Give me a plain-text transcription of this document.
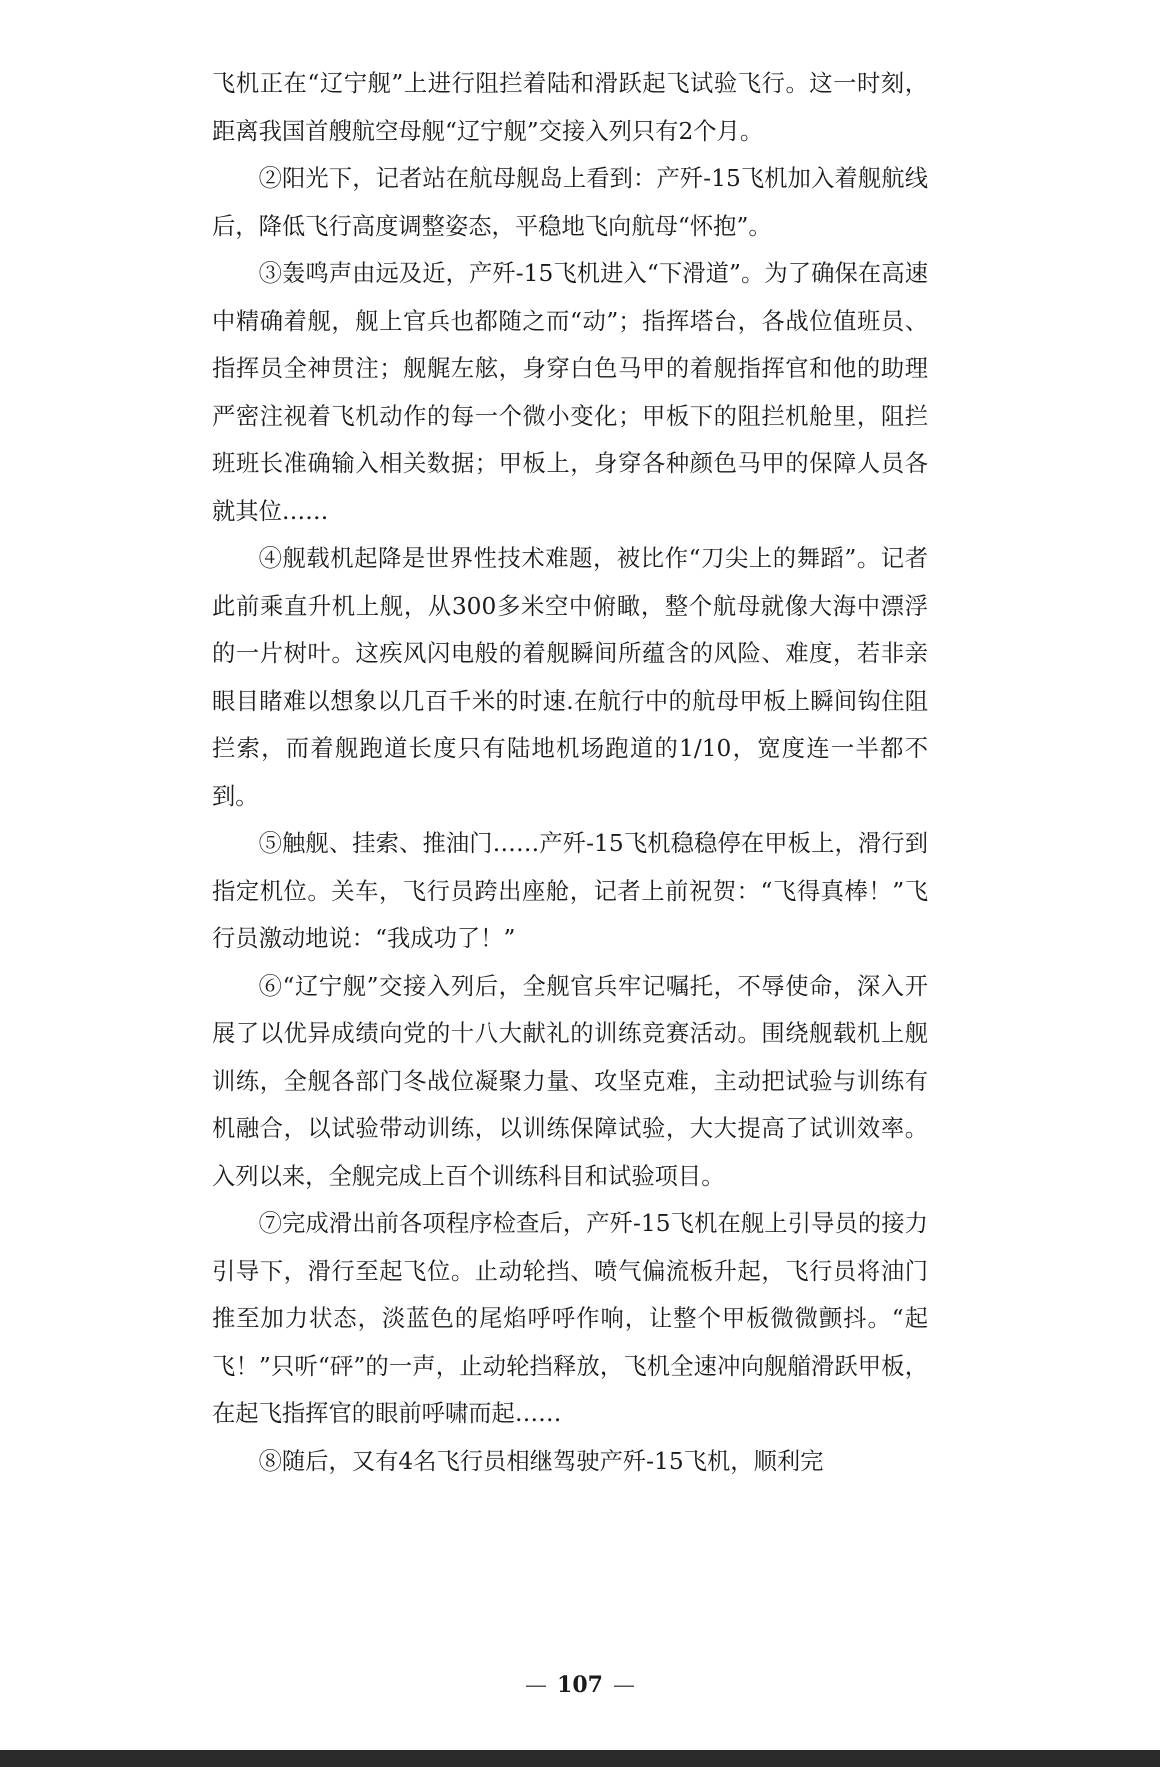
飞机正在“辽宁舰”上进行阻拦着陆和滑跃起飞试验飞行。这一时刻，距离我国首艘航空母舰“辽宁舰”交接入列只有2个月。

②阳光下，记者站在航母舰岛上看到：产歼-15飞机加入着舰航线后，降低飞行高度调整姿态，平稳地飞向航母“怀抱”。

③轰鸣声由远及近，产歼-15飞机进入“下滑道”。为了确保在高速中精确着舰，舰上官兵也都随之而“动”；指挥塔台，各战位值班员、指挥员全神贯注；舰艉左舷，身穿白色马甲的着舰指挥官和他的助理严密注视着飞机动作的每一个微小变化；甲板下的阻拦机舱里，阻拦班班长准确输入相关数据；甲板上，身穿各种颜色马甲的保障人员各就其位……

④舰载机起降是世界性技术难题，被比作“刀尖上的舞蹈”。记者此前乘直升机上舰，从300多米空中俯瞰，整个航母就像大海中漂浮的一片树叶。这疾风闪电般的着舰瞬间所蕴含的风险、难度，若非亲眼目睹难以想象以几百千米的时速.在航行中的航母甲板上瞬间钩住阻拦索，而着舰跑道长度只有陆地机场跑道的1/10，宽度连一半都不到。

⑤触舰、挂索、推油门……产歼-15飞机稳稳停在甲板上，滑行到指定机位。关车，飞行员跨出座舱，记者上前祝贺：“飞得真棒！”飞行员激动地说：“我成功了！”

⑥“辽宁舰”交接入列后，全舰官兵牢记嘱托，不辱使命，深入开展了以优异成绩向党的十八大献礼的训练竞赛活动。围绕舰载机上舰训练，全舰各部门冬战位凝聚力量、攻坚克难，主动把试验与训练有机融合，以试验带动训练，以训练保障试验，大大提高了试训效率。入列以来，全舰完成上百个训练科目和试验项目。

⑦完成滑出前各项程序检查后，产歼-15飞机在舰上引导员的接力引导下，滑行至起飞位。止动轮挡、喷气偏流板升起，飞行员将油门推至加力状态，淡蓝色的尾焰呼呼作响，让整个甲板微微颤抖。“起飞！”只听“砰”的一声，止动轮挡释放，飞机全速冲向舰艏滑跃甲板，在起飞指挥官的眼前呼啸而起……

⑧随后，又有4名飞行员相继驾驶产歼-15飞机，顺利完

— 107 —
